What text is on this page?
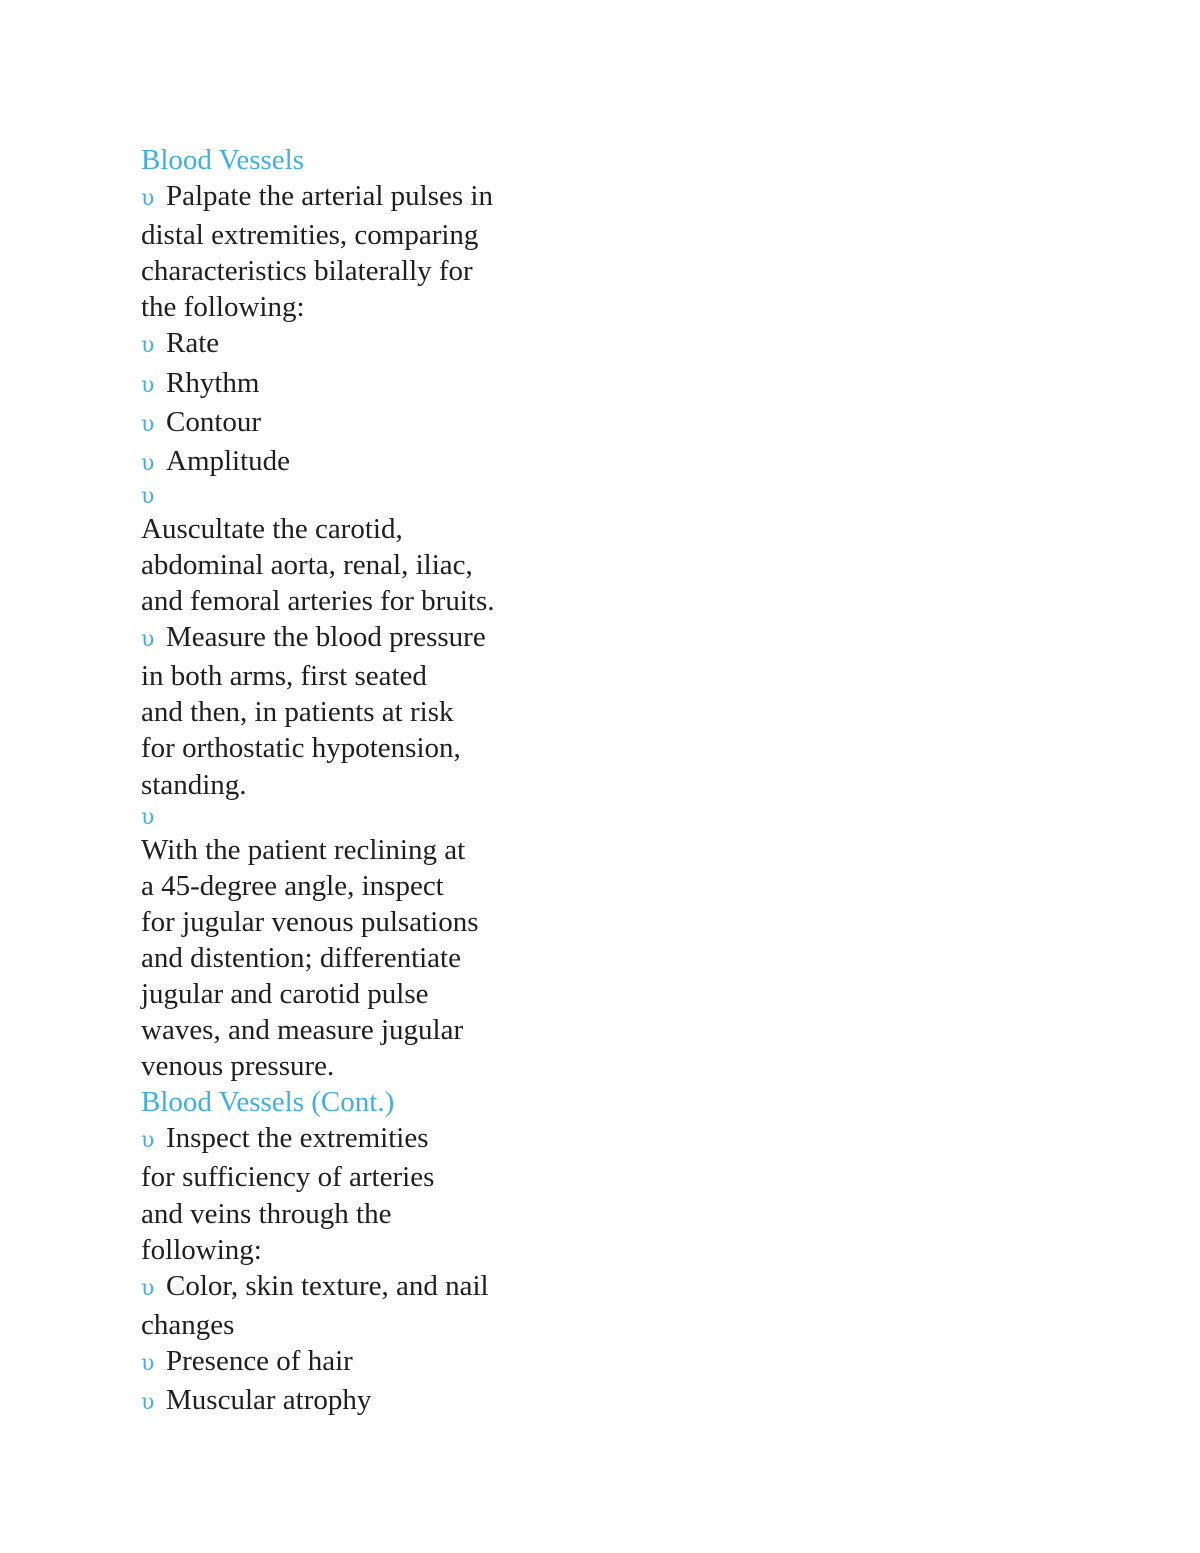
Blood Vessels
υ Palpate the arterial pulses in
distal extremities, comparing
characteristics bilaterally for
the following:
υ Rate
υ Rhythm
υ Contour
υ Amplitude
υ
Auscultate the carotid,
abdominal aorta, renal, iliac,
and femoral arteries for bruits.
υ Measure the blood pressure
in both arms, first seated
and then, in patients at risk
for orthostatic hypotension,
standing.
υ
With the patient reclining at
a 45-degree angle, inspect
for jugular venous pulsations
and distention; differentiate
jugular and carotid pulse
waves, and measure jugular
venous pressure.
Blood Vessels (Cont.)
υ Inspect the extremities
for sufficiency of arteries
and veins through the
following:
υ Color, skin texture, and nail
changes
υ Presence of hair
υ Muscular atrophy
